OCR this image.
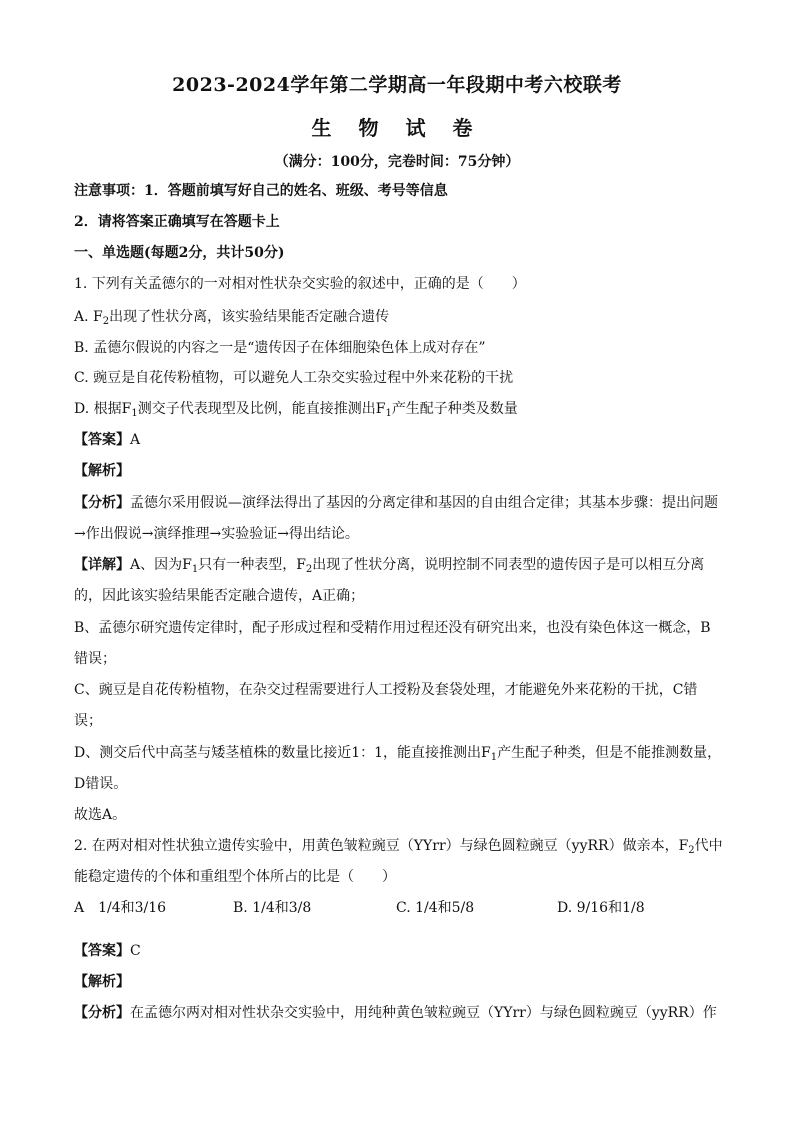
2023-2024学年第二学期高一年段期中考六校联考
生 物 试 卷
（满分：100分，完卷时间：75分钟）
注意事项：1．答题前填写好自己的姓名、班级、考号等信息
2．请将答案正确填写在答题卡上
一、单选题(每题2分，共计50分)
1. 下列有关孟德尔的一对相对性状杂交实验的叙述中，正确的是（　　）
A. $F_2$出现了性状分离，该实验结果能否定融合遗传
B. 孟德尔假说的内容之一是“遗传因子在体细胞染色体上成对存在”
C. 豌豆是自花传粉植物，可以避免人工杂交实验过程中外来花粉的干扰
D. 根据$F_1$测交子代表现型及比例，能直接推测出$F_1$产生配子种类及数量
【答案】A
【解析】
【分析】孟德尔采用假说—演绎法得出了基因的分离定律和基因的自由组合定律；其基本步骤：提出问题
→作出假说→演绎推理→实验验证→得出结论。
【详解】A、因为$F_1$只有一种表型，$F_2$出现了性状分离，说明控制不同表型的遗传因子是可以相互分离
的，因此该实验结果能否定融合遗传，A正确；
B、孟德尔研究遗传定律时，配子形成过程和受精作用过程还没有研究出来，也没有染色体这一概念，B
错误；
C、豌豆是自花传粉植物，在杂交过程需要进行人工授粉及套袋处理，才能避免外来花粉的干扰，C错
误；
D、测交后代中高茎与矮茎植株的数量比接近1：1，能直接推测出$F_1$产生配子种类，但是不能推测数量，
D错误。
故选A。
2. 在两对相对性状独立遗传实验中，用黄色皱粒豌豆（YYrr）与绿色圆粒豌豆（yyRR）做亲本，$F_2$代中
能稳定遗传的个体和重组型个体所占的比是（　　）
A　1/4和3/16	B. 1/4和3/8	C. 1/4和5/8	D. 9/16和1/8
【答案】C
【解析】
【分析】在孟德尔两对相对性状杂交实验中，用纯种黄色皱粒豌豆（YYrr）与绿色圆粒豌豆（yyRR）作
